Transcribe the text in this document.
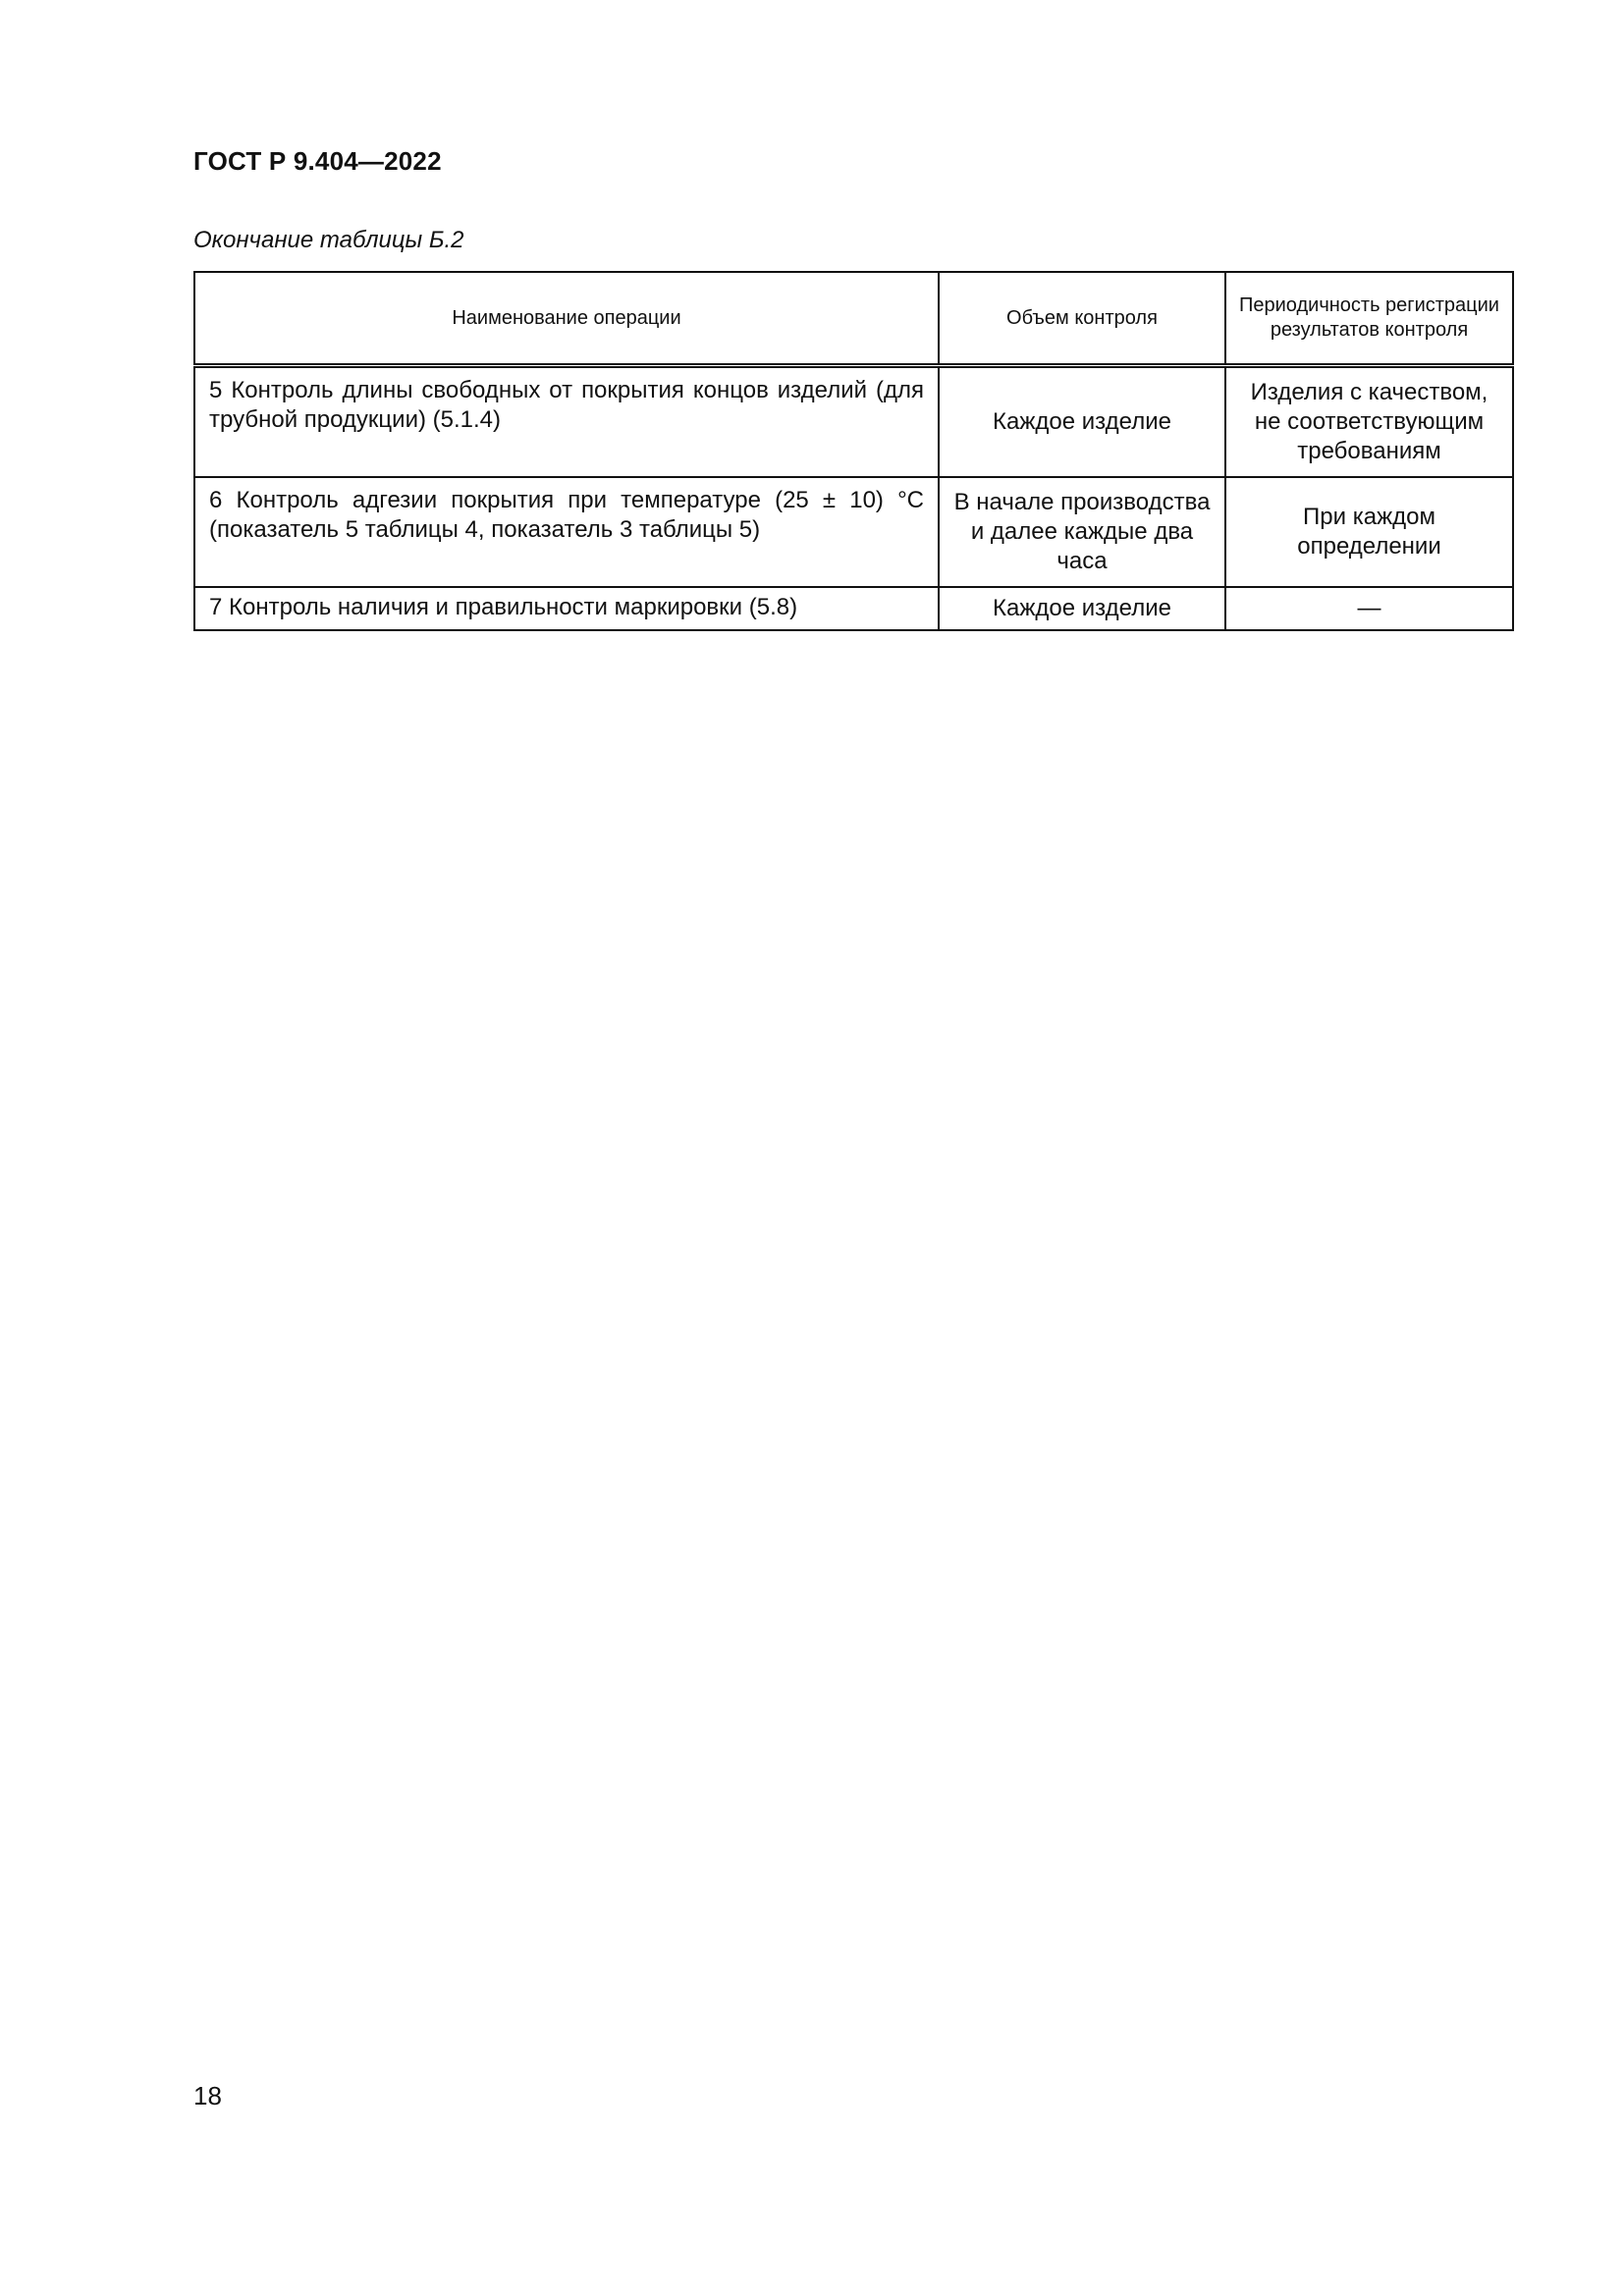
ГОСТ Р 9.404—2022

Окончание таблицы Б.2

Наименование операции	Объем контроля	Периодичность регистрации результатов контроля
5 Контроль длины свободных от покрытия концов изделий (для трубной продукции) (5.1.4)	Каждое изделие	Изделия с качеством, не соответствующим требованиям
6 Контроль адгезии покрытия при температуре (25 ± 10) °С (показатель 5 таблицы 4, показатель 3 таблицы 5)	В начале производства и далее каждые два часа	При каждом определении
7 Контроль наличия и правильности маркировки (5.8)	Каждое изделие	—

18
